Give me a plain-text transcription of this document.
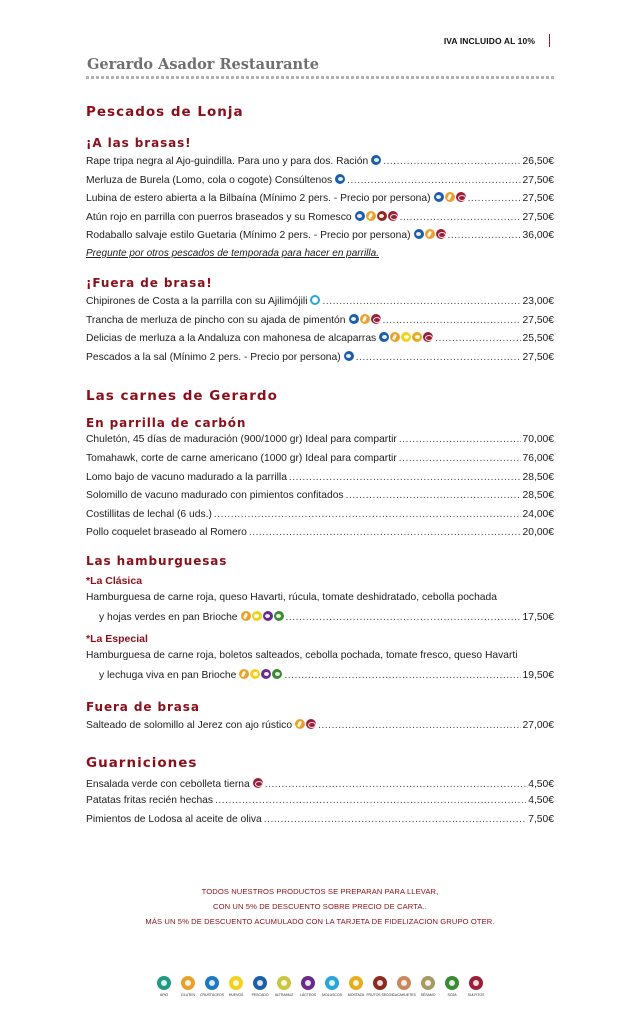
IVA INCLUIDO AL 10%
Gerardo Asador Restaurante
Pescados de Lonja
¡A las brasas!
Rape tripa negra al Ajo-guindilla. Para uno y para dos. Ración .....	26,50€
Merluza de Burela (Lomo, cola o cogote) Consúltenos .....	27,50€
Lubina de estero abierta a la Bilbaína (Mínimo 2 pers. - Precio por persona) .....	27,50€
Atún rojo en parrilla con puerros braseados y su Romesco .....	27,50€
Rodaballo salvaje estilo Guetaria (Mínimo 2 pers. - Precio por persona) .....	36,00€
Pregunte por otros pescados de temporada para hacer en parrilla.
¡Fuera de brasa!
Chipirones de Costa a la parrilla con su Ajilimójili .....	23,00€
Trancha de merluza de pincho con su ajada de pimentón .....	27,50€
Delicias de merluza a la Andaluza con mahonesa de alcaparras .....	25,50€
Pescados a la sal (Mínimo 2 pers. - Precio por persona) .....	27,50€
Las carnes de Gerardo
En parrilla de carbón
Chuletón, 45 días de maduración (900/1000 gr) Ideal para compartir .....	70,00€
Tomahawk, corte de carne americano (1000 gr) Ideal para compartir .....	76,00€
Lomo bajo de vacuno madurado a la parrilla .....	28,50€
Solomillo de vacuno madurado con pimientos confitados .....	28,50€
Costillitas de lechal (6 uds.) .....	24,00€
Pollo coquelet braseado al Romero .....	20,00€
Las hamburguesas
*La Clásica
Hamburguesa de carne roja, queso Havarti, rúcula, tomate deshidratado, cebolla pochada
y hojas verdes en pan Brioche .....	17,50€
*La Especial
Hamburguesa de carne roja, boletos salteados, cebolla pochada, tomate fresco, queso Havarti
y lechuga viva en pan Brioche .....	19,50€
Fuera de brasa
Salteado de solomillo al Jerez con ajo rústico .....	27,00€
Guarniciones
Ensalada verde con cebolleta tierna .....	4,50€
Patatas fritas recién hechas .....	4,50€
Pimientos de Lodosa al aceite de oliva .....	7,50€
TODOS NUESTROS PRODUCTOS SE PREPARAN PARA LLEVAR,
CON UN 5% DE DESCUENTO SOBRE PRECIO DE CARTA..
MÁS UN 5% DE DESCUENTO ACUMULADO CON LA TARJETA DE FIDELIZACION GRUPO OTER.
APIO	GLUTEN CRUSTÁCEOS HUEVOS PESCADO ALTRAMUZ LÁCTEOS MOLUSCOS MOSTAZA FRUTOS SECOS
CACAHUETES SÉSAMO	SOJA	SULFITOS
